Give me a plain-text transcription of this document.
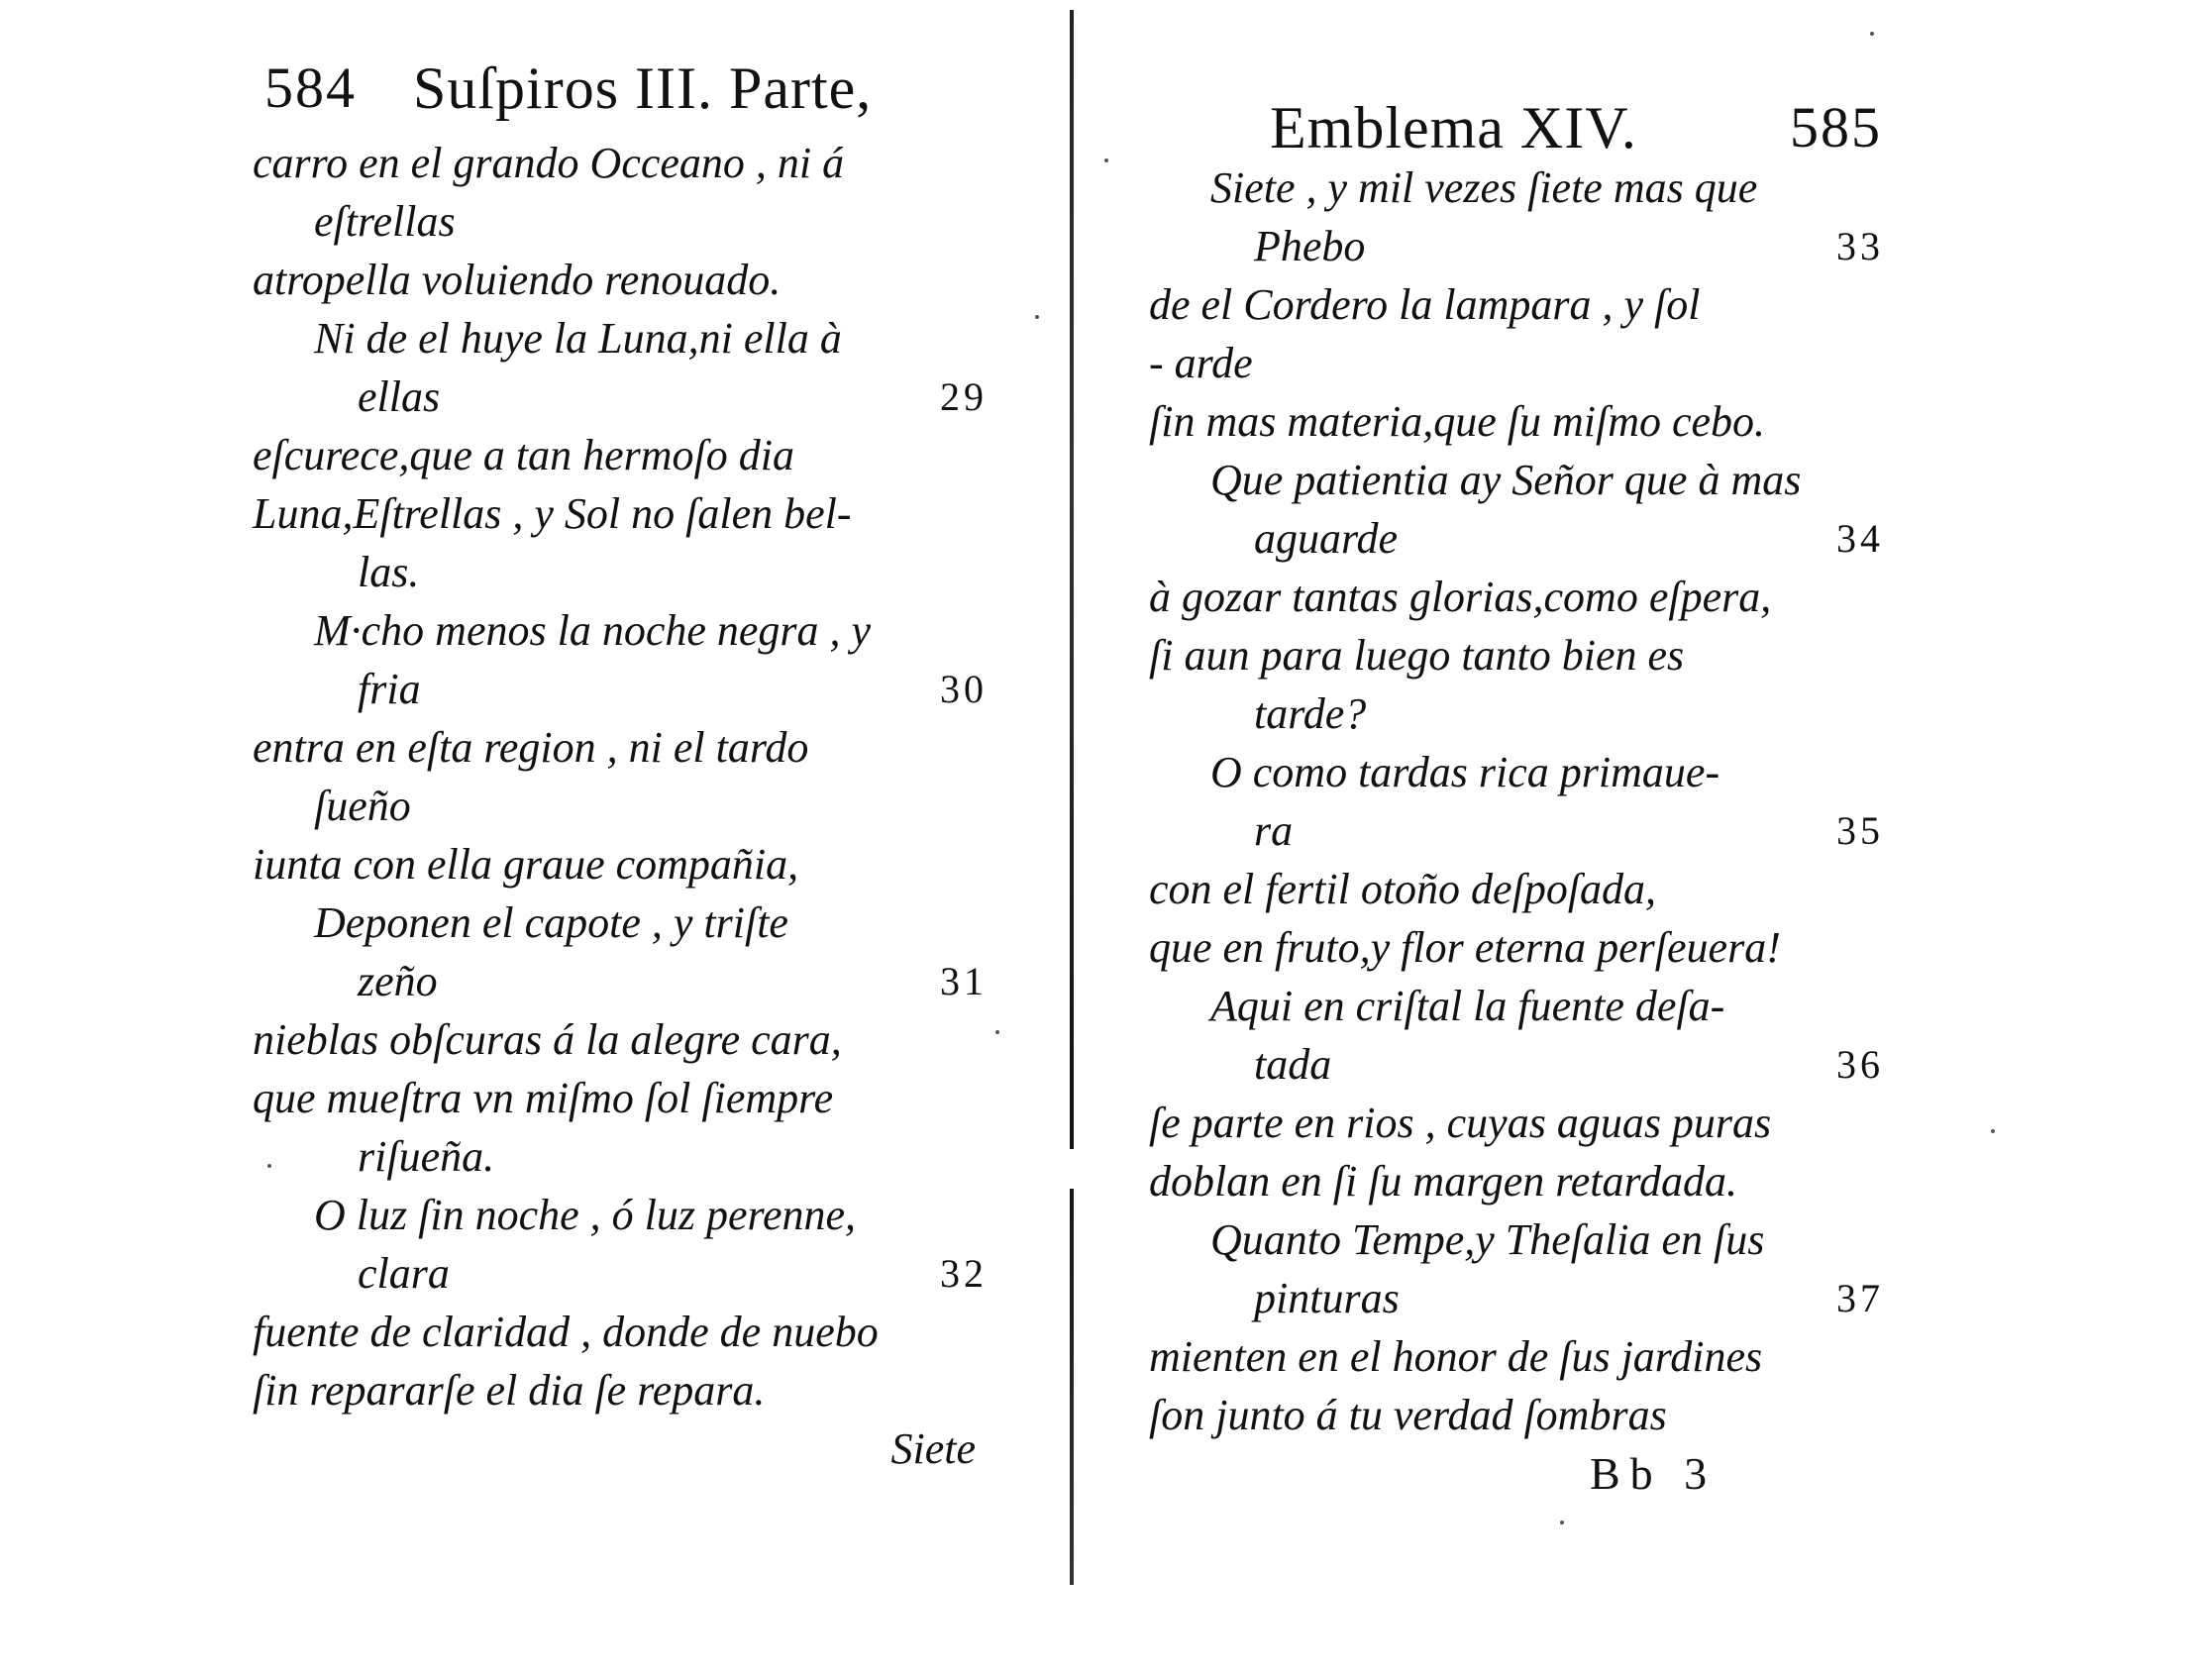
584 Suſpiros III. Parte,
carro en el grando Occeano , ni á
eſtrellas
atropella voluiendo renouado.
Ni de el huye la Luna,ni ella à
ellas	29
eſcurece,que a tan hermoſo dia
Luna,Eſtrellas , y Sol no ſalen bel-
las.
M·cho menos la noche negra , y
fria	30
entra en eſta region , ni el tardo
ſueño
iunta con ella graue compañia,
Deponen el capote , y triſte
zeño	31
nieblas obſcuras á la alegre cara,
que mueſtra vn miſmo ſol ſiempre
riſueña.
O luz ſin noche , ó luz perenne,
clara	32
fuente de claridad , donde de nuebo
ſin repararſe el dia ſe repara.
Siete
Emblema XIV.	585
Siete , y mil vezes ſiete mas que
Phebo	33
de el Cordero la lampara , y ſol
- arde
ſin mas materia,que ſu miſmo cebo.
Que patientia ay Señor que à mas
aguarde	34
à gozar tantas glorias,como eſpera,
ſi aun para luego tanto bien es
tarde?
O como tardas rica primaue-
ra	35
con el fertil otoño deſpoſada,
que en fruto,y flor eterna perſeuera!
Aqui en criſtal la fuente deſa-
tada	36
ſe parte en rios , cuyas aguas puras
doblan en ſi ſu margen retardada.
Quanto Tempe,y Theſalia en ſus
pinturas	37
mienten en el honor de ſus jardines
ſon junto á tu verdad ſombras
Bb 3
